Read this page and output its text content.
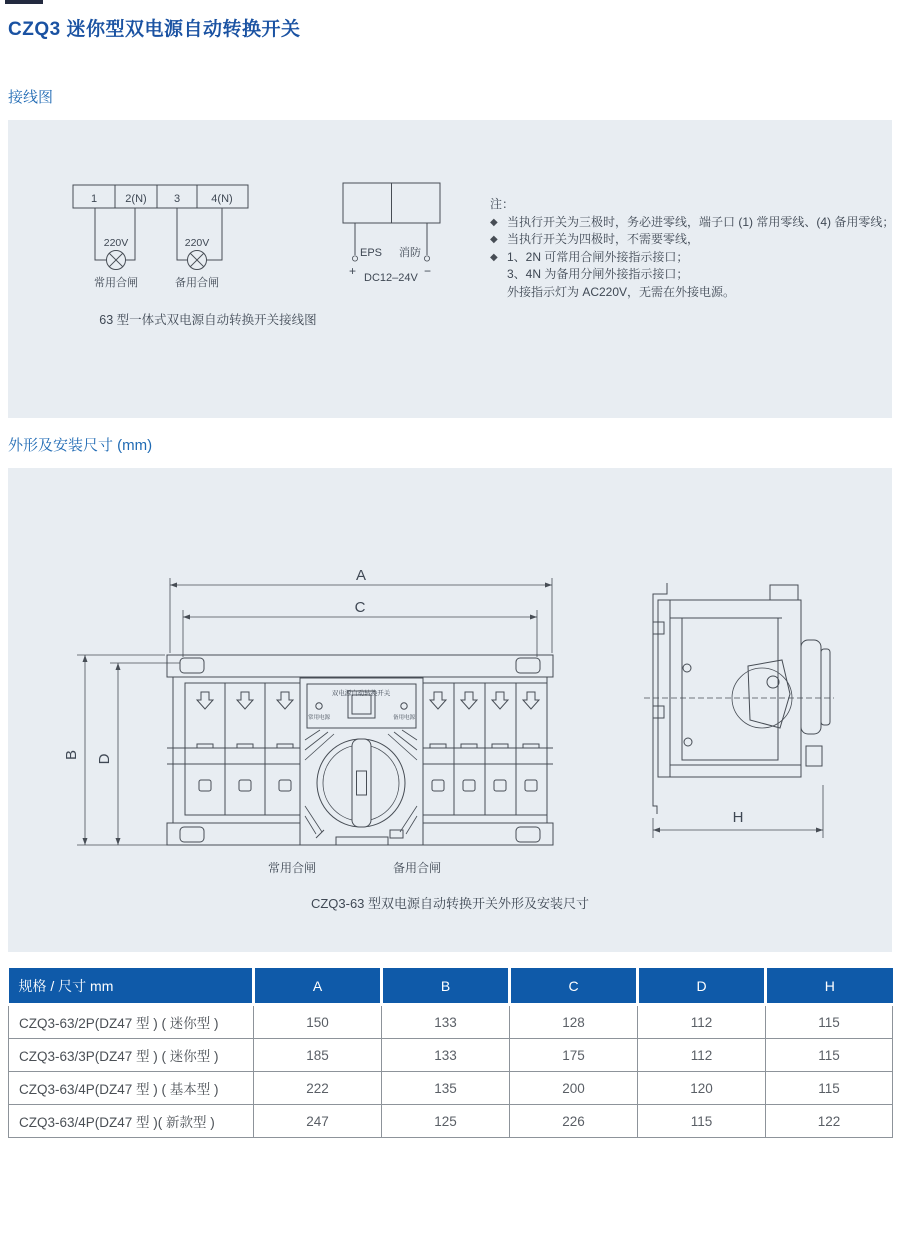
CZQ3 迷你型双电源自动转换开关
接线图
1	2(N) 3	4(N)
220V
常用合闸
220V
备用合闸
63 型一体式双电源自动转换开关接线图
EPS 消防
+	−
DC12–24V
注：
◆ 当执行开关为三极时，务必进零线，端子口 (1) 常用零线、(4) 备用零线；
◆ 当执行开关为四极时，不需要零线，
◆ 1、2N 可常用合闸外接指示接口；
3、4N 为备用分闸外接指示接口；
外接指示灯为 AC220V，无需在外接电源。
外形及安装尺寸 (mm)
A
C
B D
双电源自动转换开关
常用电源	备用电源
常用合闸	备用合闸
H
CZQ3-63 型双电源自动转换开关外形及安装尺寸
规格 / 尺寸 mm	A	B	C	D	H
CZQ3-63/2P(DZ47 型 ) ( 迷你型 )	150	133	128	112	115
CZQ3-63/3P(DZ47 型 ) ( 迷你型 )	185	133	175	112	115
CZQ3-63/4P(DZ47 型 ) ( 基本型 )	222	135	200	120	115
CZQ3-63/4P(DZ47 型 )( 新款型 )	247	125	226	115	122
